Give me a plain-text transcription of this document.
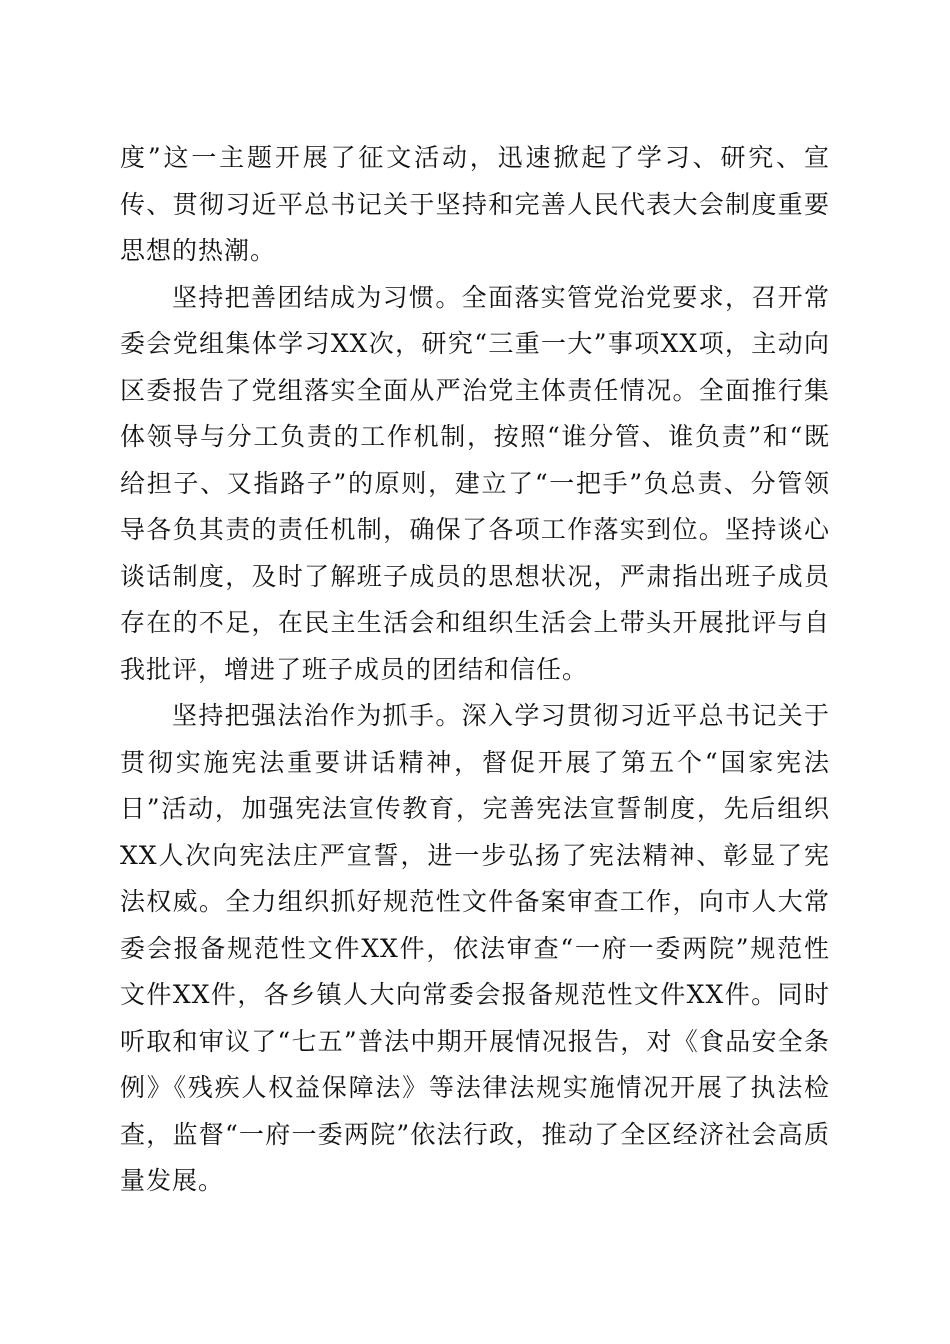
度”这一主题开展了征文活动，迅速掀起了学习、研究、宣传、贯彻习近平总书记关于坚持和完善人民代表大会制度重要思想的热潮。

坚持把善团结成为习惯。全面落实管党治党要求，召开常委会党组集体学习XX次，研究“三重一大”事项XX项，主动向区委报告了党组落实全面从严治党主体责任情况。全面推行集体领导与分工负责的工作机制，按照“谁分管、谁负责”和“既给担子、又指路子”的原则，建立了“一把手”负总责、分管领导各负其责的责任机制，确保了各项工作落实到位。坚持谈心谈话制度，及时了解班子成员的思想状况，严肃指出班子成员存在的不足，在民主生活会和组织生活会上带头开展批评与自我批评，增进了班子成员的团结和信任。

坚持把强法治作为抓手。深入学习贯彻习近平总书记关于贯彻实施宪法重要讲话精神，督促开展了第五个“国家宪法日”活动，加强宪法宣传教育，完善宪法宣誓制度，先后组织XX人次向宪法庄严宣誓，进一步弘扬了宪法精神、彰显了宪法权威。全力组织抓好规范性文件备案审查工作，向市人大常委会报备规范性文件XX件，依法审查“一府一委两院”规范性文件XX件，各乡镇人大向常委会报备规范性文件XX件。同时听取和审议了“七五”普法中期开展情况报告，对《食品安全条例》《残疾人权益保障法》等法律法规实施情况开展了执法检查，监督“一府一委两院”依法行政，推动了全区经济社会高质量发展。
